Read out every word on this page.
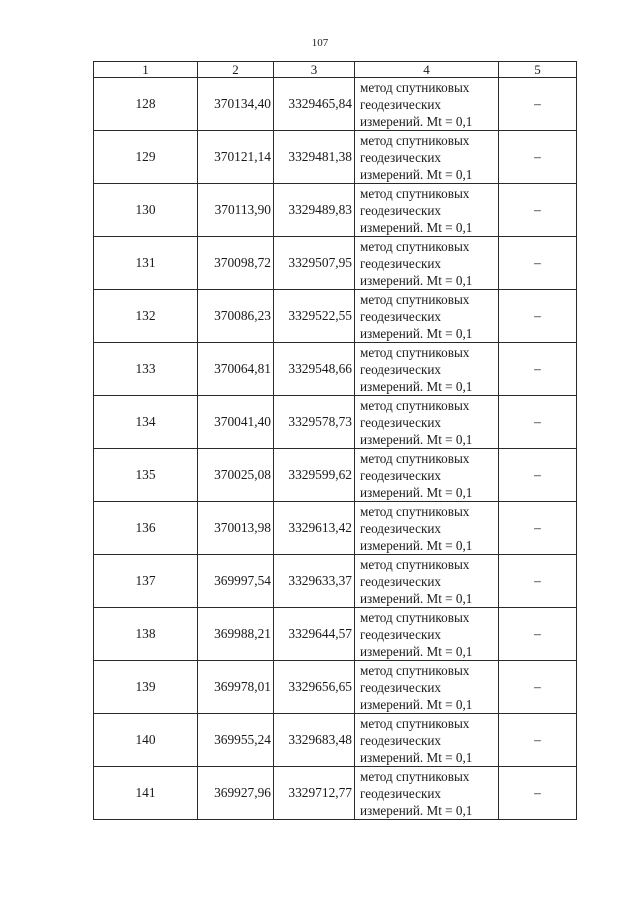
107
1	2	3	4	5
128	370134,40	3329465,84	метод спутниковых
геодезических
измерений. Mt = 0,1	–
129	370121,14	3329481,38	метод спутниковых
геодезических
измерений. Mt = 0,1	–
130	370113,90	3329489,83	метод спутниковых
геодезических
измерений. Mt = 0,1	–
131	370098,72	3329507,95	метод спутниковых
геодезических
измерений. Mt = 0,1	–
132	370086,23	3329522,55	метод спутниковых
геодезических
измерений. Mt = 0,1	–
133	370064,81	3329548,66	метод спутниковых
геодезических
измерений. Mt = 0,1	–
134	370041,40	3329578,73	метод спутниковых
геодезических
измерений. Mt = 0,1	–
135	370025,08	3329599,62	метод спутниковых
геодезических
измерений. Mt = 0,1	–
136	370013,98	3329613,42	метод спутниковых
геодезических
измерений. Mt = 0,1	–
137	369997,54	3329633,37	метод спутниковых
геодезических
измерений. Mt = 0,1	–
138	369988,21	3329644,57	метод спутниковых
геодезических
измерений. Mt = 0,1	–
139	369978,01	3329656,65	метод спутниковых
геодезических
измерений. Mt = 0,1	–
140	369955,24	3329683,48	метод спутниковых
геодезических
измерений. Mt = 0,1	–
141	369927,96	3329712,77	метод спутниковых
геодезических
измерений. Mt = 0,1	–
